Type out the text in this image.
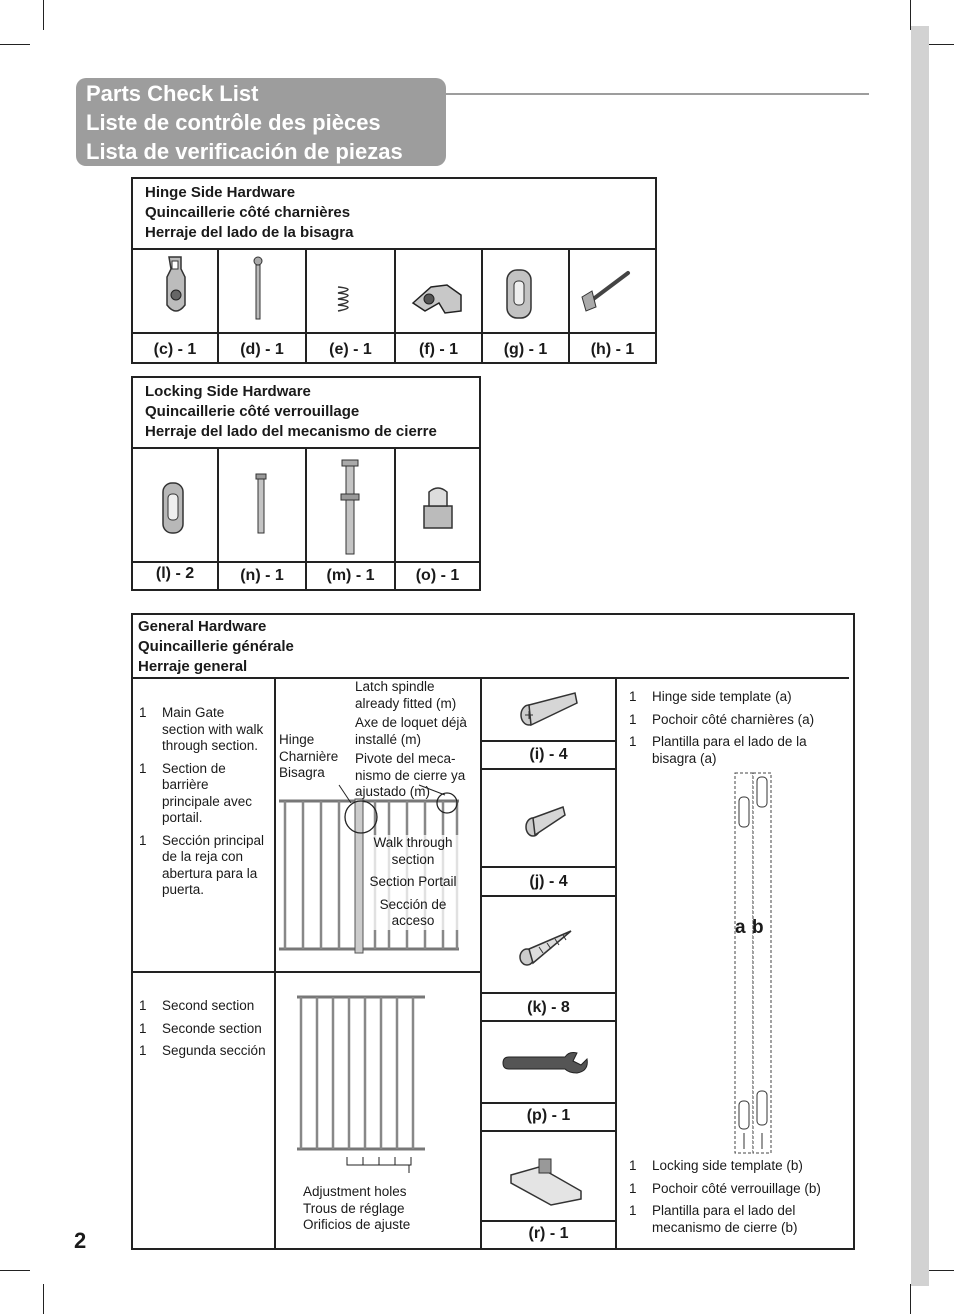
Parts Check List
Liste de contrôle des pièces
Lista de verificación de piezas
Hinge Side Hardware
Quincaillerie côté charnières
Herraje del lado de la bisagra
(c) - 1	(d) - 1	(e) - 1	(f) - 1	(g) - 1	(h) - 1
Locking Side Hardware
Quincaillerie côté verrouillage
Herraje del lado del mecanismo de cierre
(l) - 2	(n) - 1	(m) - 1	(o) - 1
General Hardware
Quincaillerie générale
Herraje general
1	Main Gate section with walk through section.
1	Section de barrière principale avec portail.
1	Sección principal de la reja con abertura para la puerta.
Hinge
Charnière
Bisagra
Latch spindle already fitted (m)
Axe de loquet déjà installé (m)
Pivote del meca-nismo de cierre ya ajustado (m)
Walk through section
Section Portail
Sección de acceso
1	Second section
1	Seconde section
1	Segunda sección
Adjustment holes
Trous de réglage
Orificios de ajuste
(i) - 4
(j) - 4
(k) - 8
(p) - 1
(r) - 1
1	Hinge side template (a)
1	Pochoir côté charnières (a)
1	Plantilla para el lado de la bisagra (a)
a b
1	Locking side template (b)
1	Pochoir côté verrouillage (b)
1	Plantilla para el lado del mecanismo de cierre (b)
2
